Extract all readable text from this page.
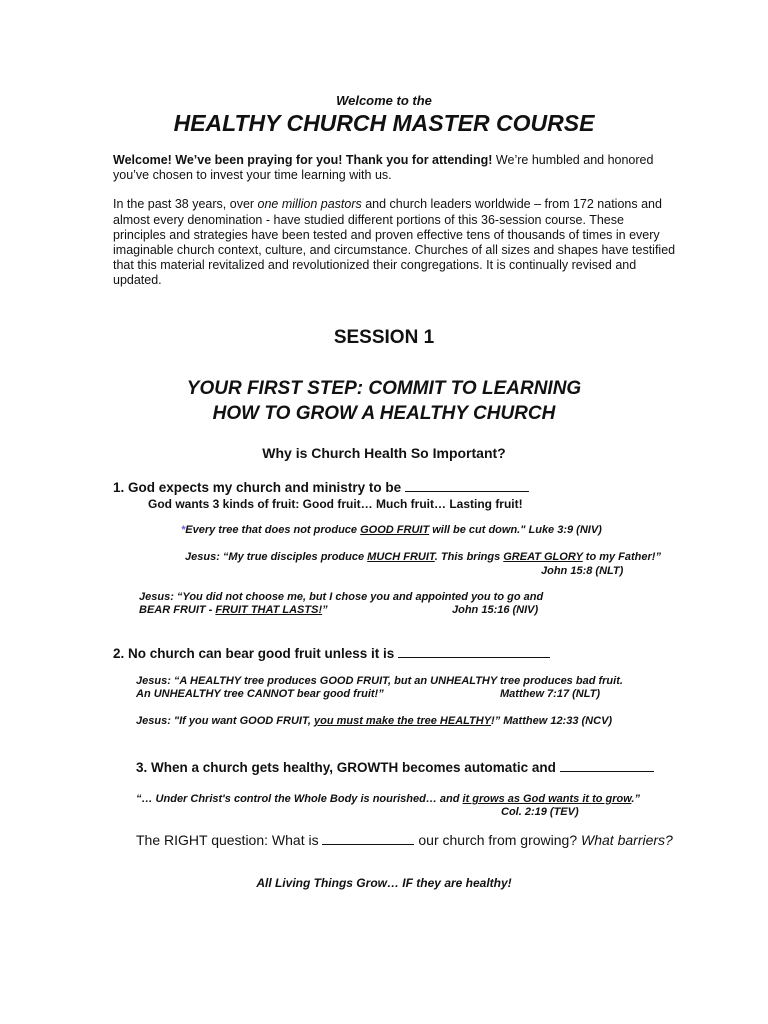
Welcome to the
HEALTHY CHURCH MASTER COURSE
Welcome! We’ve been praying for you! Thank you for attending! We’re humbled and honored
you’ve chosen to invest your time learning with us.
In the past 38 years, over one million pastors and church leaders worldwide – from 172 nations and
almost every denomination - have studied different portions of this 36-session course. These
principles and strategies have been tested and proven effective tens of thousands of times in every
imaginable church context, culture, and circumstance. Churches of all sizes and shapes have testified
that this material revitalized and revolutionized their congregations. It is continually revised and
updated.
SESSION 1
YOUR FIRST STEP: COMMIT TO LEARNING
HOW TO GROW A HEALTHY CHURCH
Why is Church Health So Important?
1. God expects my church and ministry to be
God wants 3 kinds of fruit: Good fruit… Much fruit… Lasting fruit!
*Every tree that does not produce GOOD FRUIT will be cut down." Luke 3:9 (NIV)
Jesus: “My true disciples produce MUCH FRUIT. This brings GREAT GLORY to my Father!”
John 15:8 (NLT)
Jesus: “You did not choose me, but I chose you and appointed you to go and
BEAR FRUIT - FRUIT THAT LASTS!”	John 15:16 (NIV)
2. No church can bear good fruit unless it is
Jesus: “A HEALTHY tree produces GOOD FRUIT, but an UNHEALTHY tree produces bad fruit.
An UNHEALTHY tree CANNOT bear good fruit!”	Matthew 7:17 (NLT)
Jesus: "If you want GOOD FRUIT, you must make the tree HEALTHY!” Matthew 12:33 (NCV)
3. When a church gets healthy, GROWTH becomes automatic and
“… Under Christ's control the Whole Body is nourished… and it grows as God wants it to grow.”
Col. 2:19 (TEV)
The RIGHT question: What is	our church from growing? What barriers?
All Living Things Grow… IF they are healthy!
